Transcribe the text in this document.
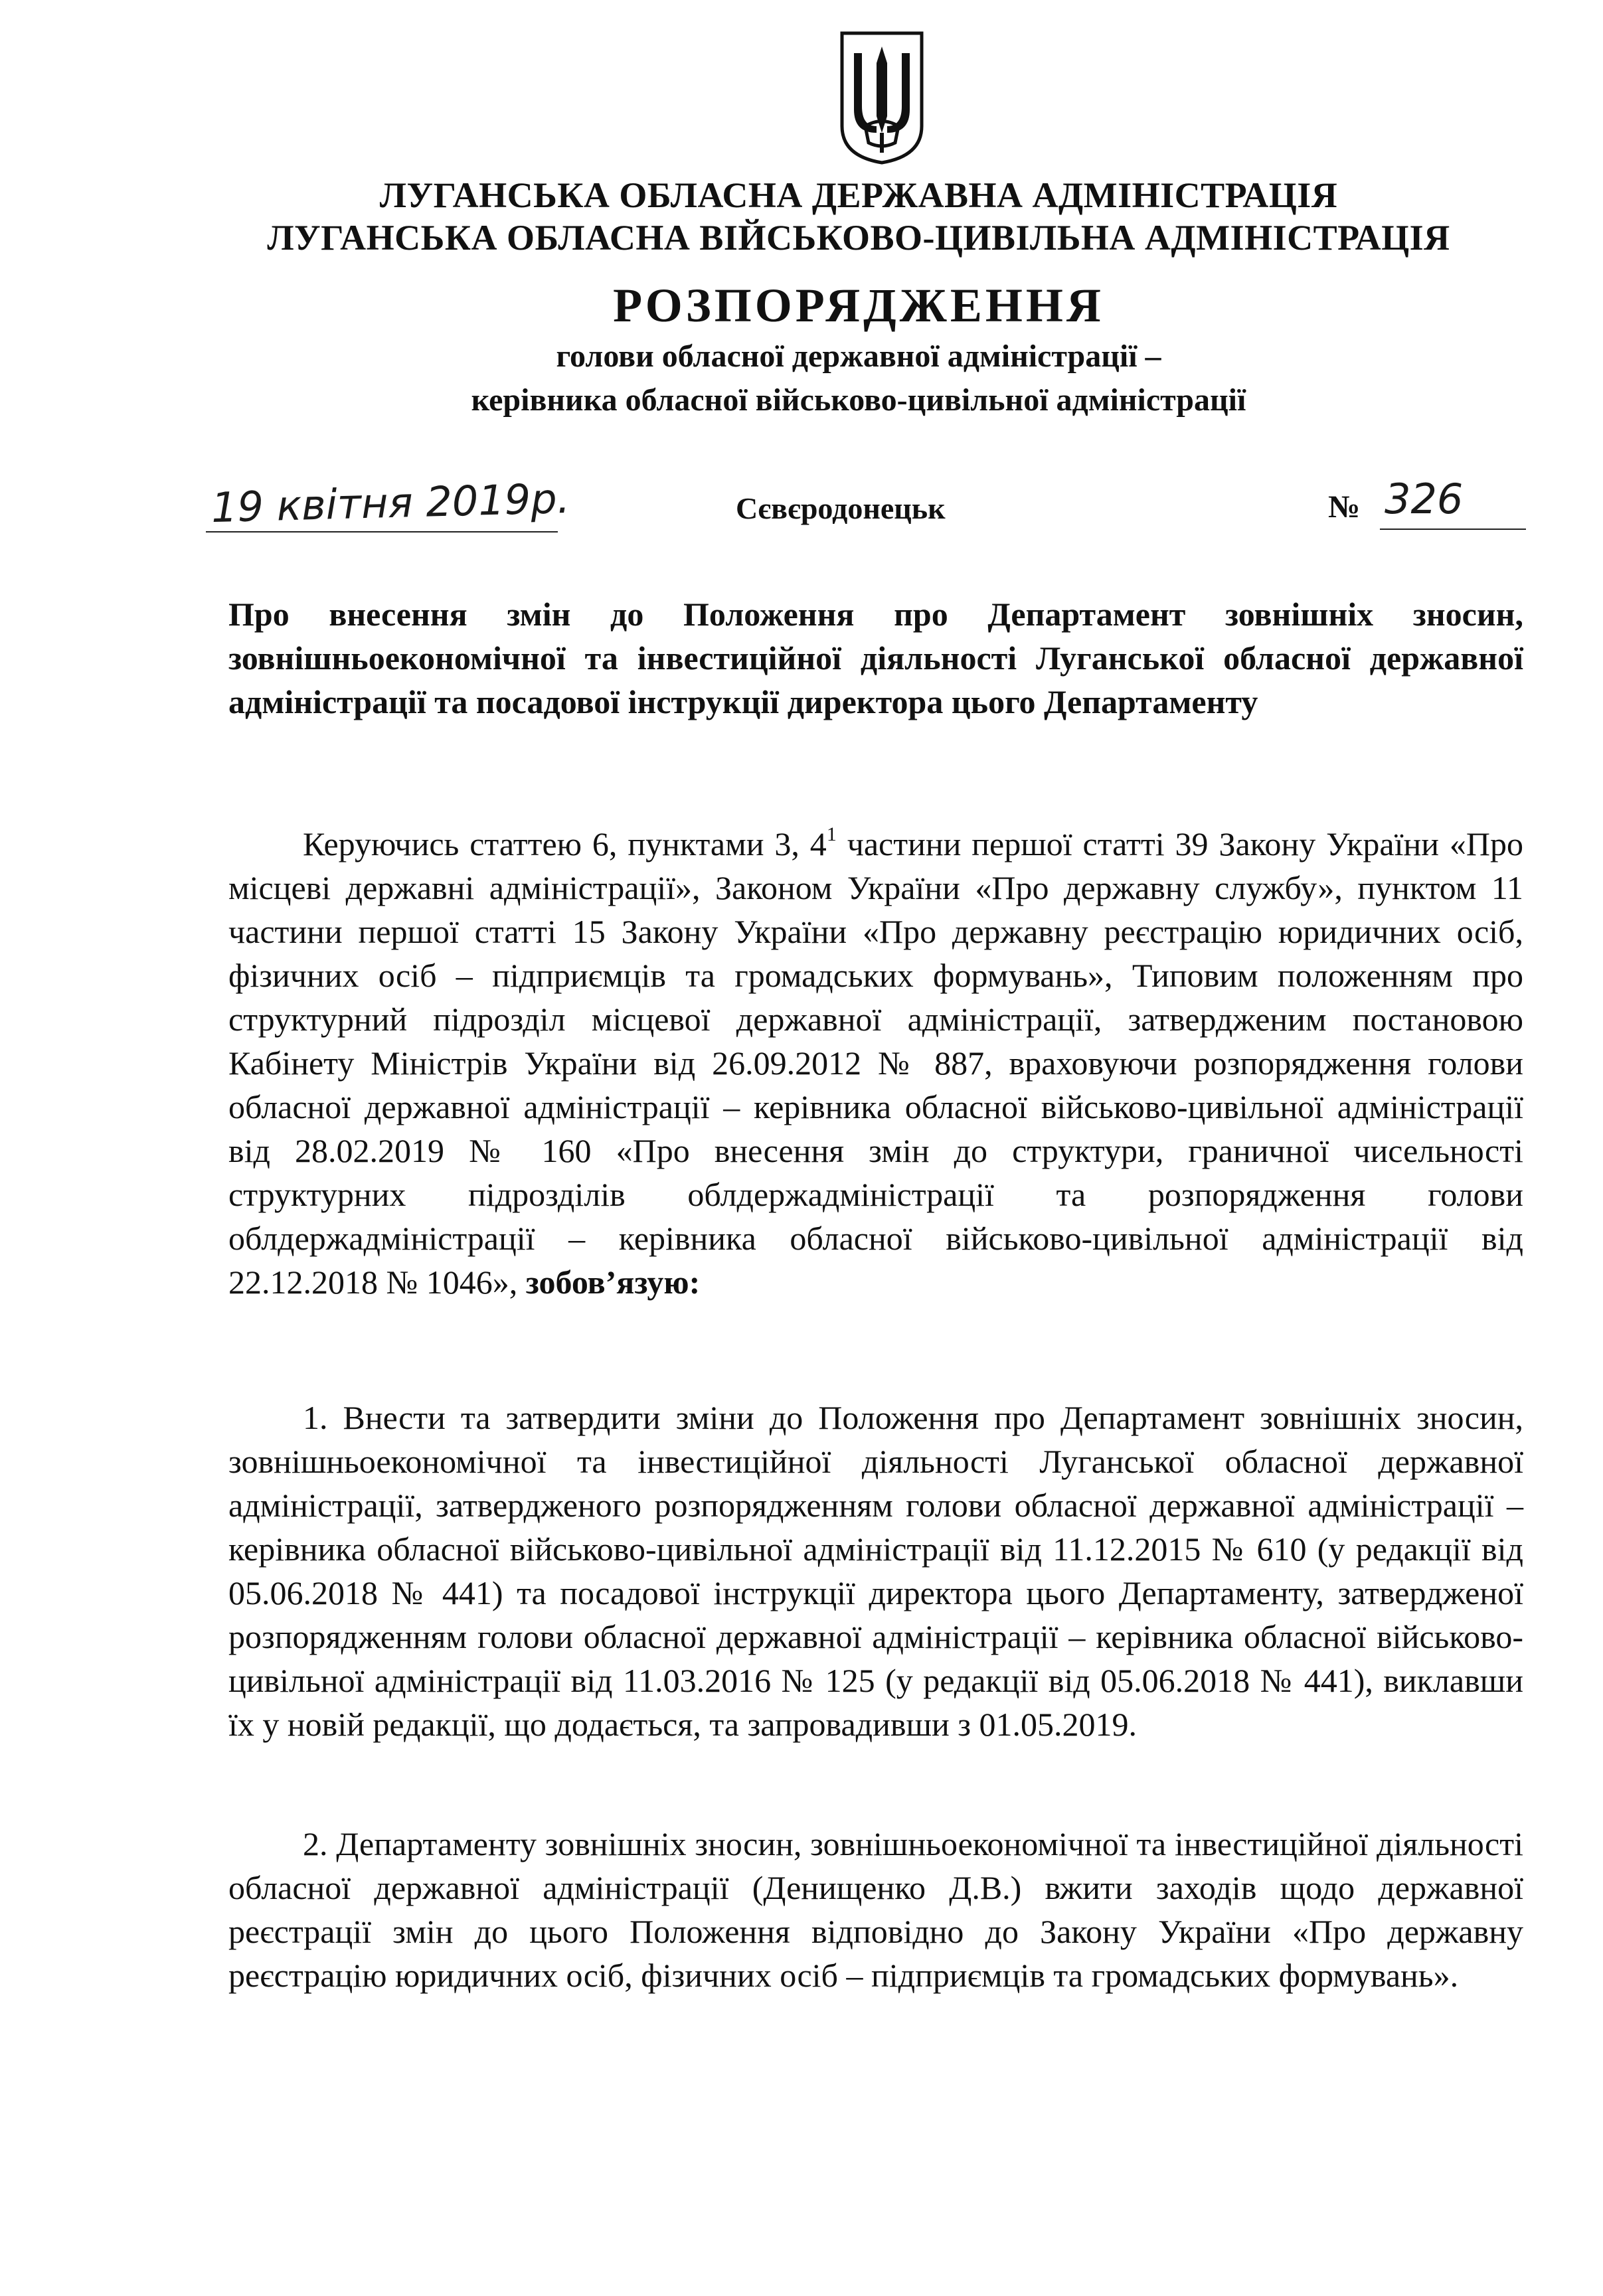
ЛУГАНСЬКА ОБЛАСНА ДЕРЖАВНА АДМІНІСТРАЦІЯ
ЛУГАНСЬКА ОБЛАСНА ВІЙСЬКОВО-ЦИВІЛЬНА АДМІНІСТРАЦІЯ
РОЗПОРЯДЖЕННЯ
голови обласної державної адміністрації –
керівника обласної військово-цивільної адміністрації
19 квітня 2019р.	Сєвєродонецьк	№ 326
Про внесення змін до Положення про Департамент зовнішніх зносин, зовнішньоекономічної та інвестиційної діяльності Луганської обласної державної адміністрації та посадової інструкції директора цього Департаменту
Керуючись статтею 6, пунктами 3, $4^1$ частини першої статті 39 Закону України «Про місцеві державні адміністрації», Законом України «Про державну службу», пунктом 11 частини першої статті 15 Закону України «Про державну реєстрацію юридичних осіб, фізичних осіб – підприємців та громадських формувань», Типовим положенням про структурний підрозділ місцевої державної адміністрації, затвердженим постановою Кабінету Міністрів України від 26.09.2012 № 887, враховуючи розпорядження голови обласної державної адміністрації – керівника обласної військово-цивільної адміністрації від 28.02.2019 № 160 «Про внесення змін до структури, граничної чисельності структурних підрозділів облдержадміністрації та розпорядження голови облдержадміністрації – керівника обласної військово-цивільної адміністрації від 22.12.2018 № 1046», зобов’язую:
1. Внести та затвердити зміни до Положення про Департамент зовнішніх зносин, зовнішньоекономічної та інвестиційної діяльності Луганської обласної державної адміністрації, затвердженого розпорядженням голови обласної державної адміністрації – керівника обласної військово-цивільної адміністрації від 11.12.2015 № 610 (у редакції від 05.06.2018 № 441) та посадової інструкції директора цього Департаменту, затвердженої розпорядженням голови обласної державної адміністрації – керівника обласної військово-цивільної адміністрації від 11.03.2016 № 125 (у редакції від 05.06.2018 № 441), виклавши їх у новій редакції, що додається, та запровадивши з 01.05.2019.
2. Департаменту зовнішніх зносин, зовнішньоекономічної та інвестиційної діяльності обласної державної адміністрації (Денищенко Д.В.) вжити заходів щодо державної реєстрації змін до цього Положення відповідно до Закону України «Про державну реєстрацію юридичних осіб, фізичних осіб – підприємців та громадських формувань».
